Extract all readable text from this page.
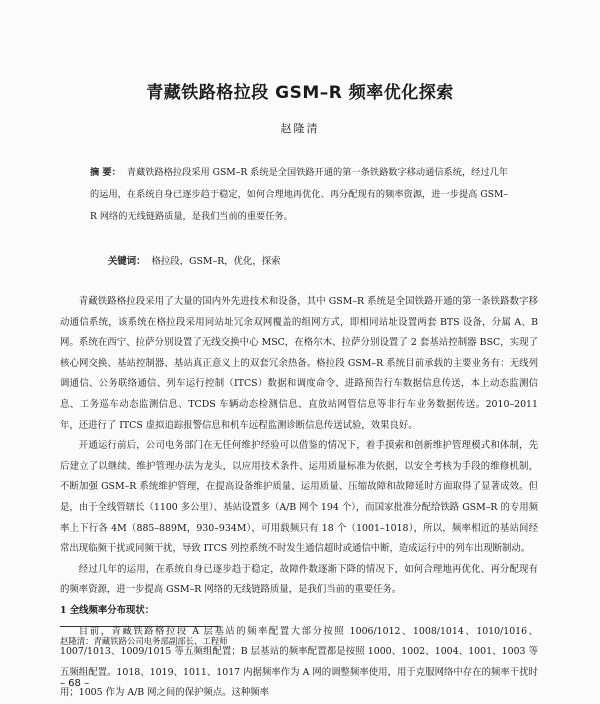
青藏铁路格拉段 GSM–R 频率优化探索
赵隆清
摘 要： 青藏铁路格拉段采用 GSM–R 系统是全国铁路开通的第一条铁路数字移动通信系统，经过几年的运用，在系统自身已逐步趋于稳定，如何合理地再优化、再分配现有的频率资源，进一步提高 GSM–R 网络的无线链路质量，是我们当前的重要任务。
关键词： 格拉段，GSM–R，优化，探索

青藏铁路格拉段采用了大量的国内外先进技术和设备，其中 GSM–R 系统是全国铁路开通的第一条铁路数字移动通信系统，该系统在格拉段采用同站址冗余双网覆盖的组网方式，即相同站址设置两套 BTS 设备，分属 A、B 网。系统在西宁、拉萨分别设置了无线交换中心 MSC，在格尔木、拉萨分别设置了 2 套基站控制器 BSC，实现了核心网交换、基站控制器、基站真正意义上的双套冗余热备。格拉段 GSM–R 系统目前承载的主要业务有：无线列调通信、公务联络通信、列车运行控制（ITCS）数据和调度命令、进路预告行车数据信息传送，本上动态监测信息、工务巡车动态监测信息、TCDS 车辆动态检测信息、直放站网管信息等非行车业务数据传送。2010–2011 年，还进行了 ITCS 虚拟追踪报警信息和机车远程监测诊断信息传送试验，效果良好。

开通运行前后，公司电务部门在无任何维护经验可以借鉴的情况下，着手摸索和创新维护管理模式和体制，先后建立了以继续、维护管理办法为龙头，以应用技术条件、运用质量标准为依据，以安全考核为手段的维修机制，不断加强 GSM–R 系统维护管理，在提高设备维护质量、运用质量、压缩故障和故障延时方面取得了显著成效。但是，由于全线管辖长（1100 多公里）、基站设置多（A/B 网个 194 个），而国家批准分配给铁路 GSM–R 的专用频率上下行各 4M（885–889M，930–934M），可用载频只有 18 个（1001–1018），所以，频率相近的基站间经常出现临频干扰或同频干扰，导致 ITCS 列控系统不时发生通信超时或通信中断，造成运行中的列车出现断制动。

经过几年的运用，在系统自身已逐步趋于稳定，故障件数逐渐下降的情况下，如何合理地再优化、再分配现有的频率资源，进一步提高 GSM–R 网络的无线链路质量，是我们当前的重要任务。

1 全线频率分布现状：

目前，青藏铁路格拉段 A 层基站的频率配置大部分按照 1006/1012、1008/1014、1010/1016、1007/1013、1009/1015 等五频组配置；B 层基站的频率配置都是按照 1000、1002、1004、1001、1003 等五频组配置。1018、1019、1011、1017 内据频率作为 A 网的调整频率使用，用于克服网络中存在的频率干扰时用；1005 作为 A/B 网之间的保护频点。这种频率

赵隆清：青藏铁路公司电务部副部长、工程师
– 68 –
